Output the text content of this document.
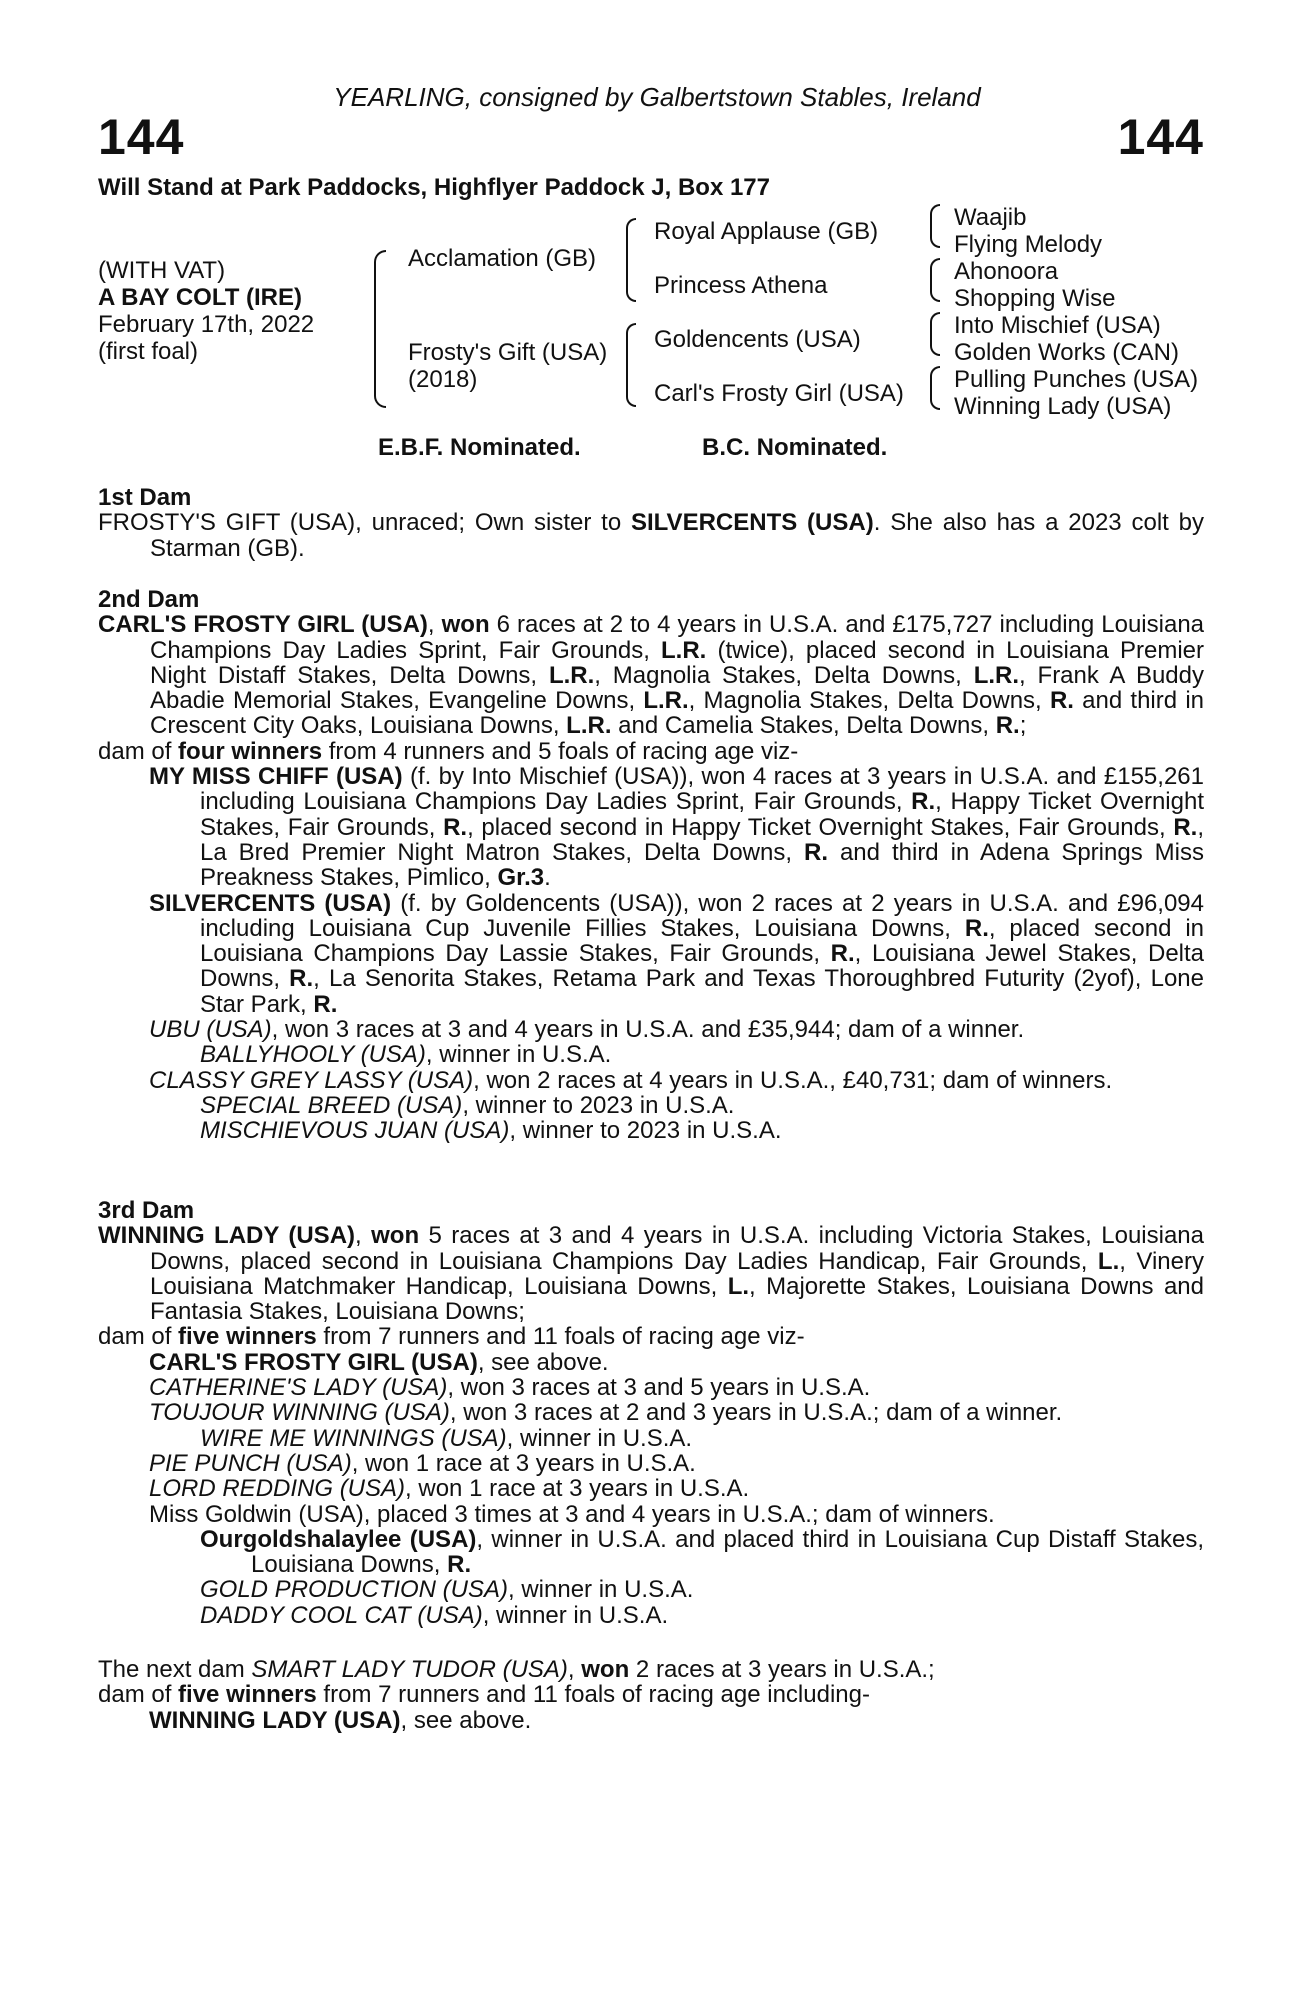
YEARLING, consigned by Galbertstown Stables, Ireland
144	144
Will Stand at Park Paddocks, Highflyer Paddock J, Box 177
(WITH VAT)
A BAY COLT (IRE)
February 17th, 2022
(first foal)
Acclamation (GB)
Frosty's Gift (USA)
(2018)
Royal Applause (GB)
Princess Athena
Goldencents (USA)
Carl's Frosty Girl (USA)
Waajib
Flying Melody
Ahonoora
Shopping Wise
Into Mischief (USA)
Golden Works (CAN)
Pulling Punches (USA)
Winning Lady (USA)
E.B.F. Nominated.	B.C. Nominated.

1st Dam

FROSTY'S GIFT (USA), unraced; Own sister to SILVERCENTS (USA). She also has a 2023 colt by Starman (GB).

2nd Dam

CARL'S FROSTY GIRL (USA), won 6 races at 2 to 4 years in U.S.A. and £175,727 including Louisiana Champions Day Ladies Sprint, Fair Grounds, L.R. (twice), placed second in Louisiana Premier Night Distaff Stakes, Delta Downs, L.R., Magnolia Stakes, Delta Downs, L.R., Frank A Buddy Abadie Memorial Stakes, Evangeline Downs, L.R., Magnolia Stakes, Delta Downs, R. and third in Crescent City Oaks, Louisiana Downs, L.R. and Camelia Stakes, Delta Downs, R.;

dam of four winners from 4 runners and 5 foals of racing age viz-

MY MISS CHIFF (USA) (f. by Into Mischief (USA)), won 4 races at 3 years in U.S.A. and £155,261 including Louisiana Champions Day Ladies Sprint, Fair Grounds, R., Happy Ticket Overnight Stakes, Fair Grounds, R., placed second in Happy Ticket Overnight Stakes, Fair Grounds, R., La Bred Premier Night Matron Stakes, Delta Downs, R. and third in Adena Springs Miss Preakness Stakes, Pimlico, Gr.3.

SILVERCENTS (USA) (f. by Goldencents (USA)), won 2 races at 2 years in U.S.A. and £96,094 including Louisiana Cup Juvenile Fillies Stakes, Louisiana Downs, R., placed second in Louisiana Champions Day Lassie Stakes, Fair Grounds, R., Louisiana Jewel Stakes, Delta Downs, R., La Senorita Stakes, Retama Park and Texas Thoroughbred Futurity (2yof), Lone Star Park, R.

UBU (USA), won 3 races at 3 and 4 years in U.S.A. and £35,944; dam of a winner.

BALLYHOOLY (USA), winner in U.S.A.

CLASSY GREY LASSY (USA), won 2 races at 4 years in U.S.A., £40,731; dam of winners.

SPECIAL BREED (USA), winner to 2023 in U.S.A.

MISCHIEVOUS JUAN (USA), winner to 2023 in U.S.A.

3rd Dam

WINNING LADY (USA), won 5 races at 3 and 4 years in U.S.A. including Victoria Stakes, Louisiana Downs, placed second in Louisiana Champions Day Ladies Handicap, Fair Grounds, L., Vinery Louisiana Matchmaker Handicap, Louisiana Downs, L., Majorette Stakes, Louisiana Downs and Fantasia Stakes, Louisiana Downs;

dam of five winners from 7 runners and 11 foals of racing age viz-

CARL'S FROSTY GIRL (USA), see above.

CATHERINE'S LADY (USA), won 3 races at 3 and 5 years in U.S.A.

TOUJOUR WINNING (USA), won 3 races at 2 and 3 years in U.S.A.; dam of a winner.

WIRE ME WINNINGS (USA), winner in U.S.A.

PIE PUNCH (USA), won 1 race at 3 years in U.S.A.

LORD REDDING (USA), won 1 race at 3 years in U.S.A.

Miss Goldwin (USA), placed 3 times at 3 and 4 years in U.S.A.; dam of winners.

Ourgoldshalaylee (USA), winner in U.S.A. and placed third in Louisiana Cup Distaff Stakes, Louisiana Downs, R.

GOLD PRODUCTION (USA), winner in U.S.A.

DADDY COOL CAT (USA), winner in U.S.A.

The next dam SMART LADY TUDOR (USA), won 2 races at 3 years in U.S.A.;

dam of five winners from 7 runners and 11 foals of racing age including-

WINNING LADY (USA), see above.
